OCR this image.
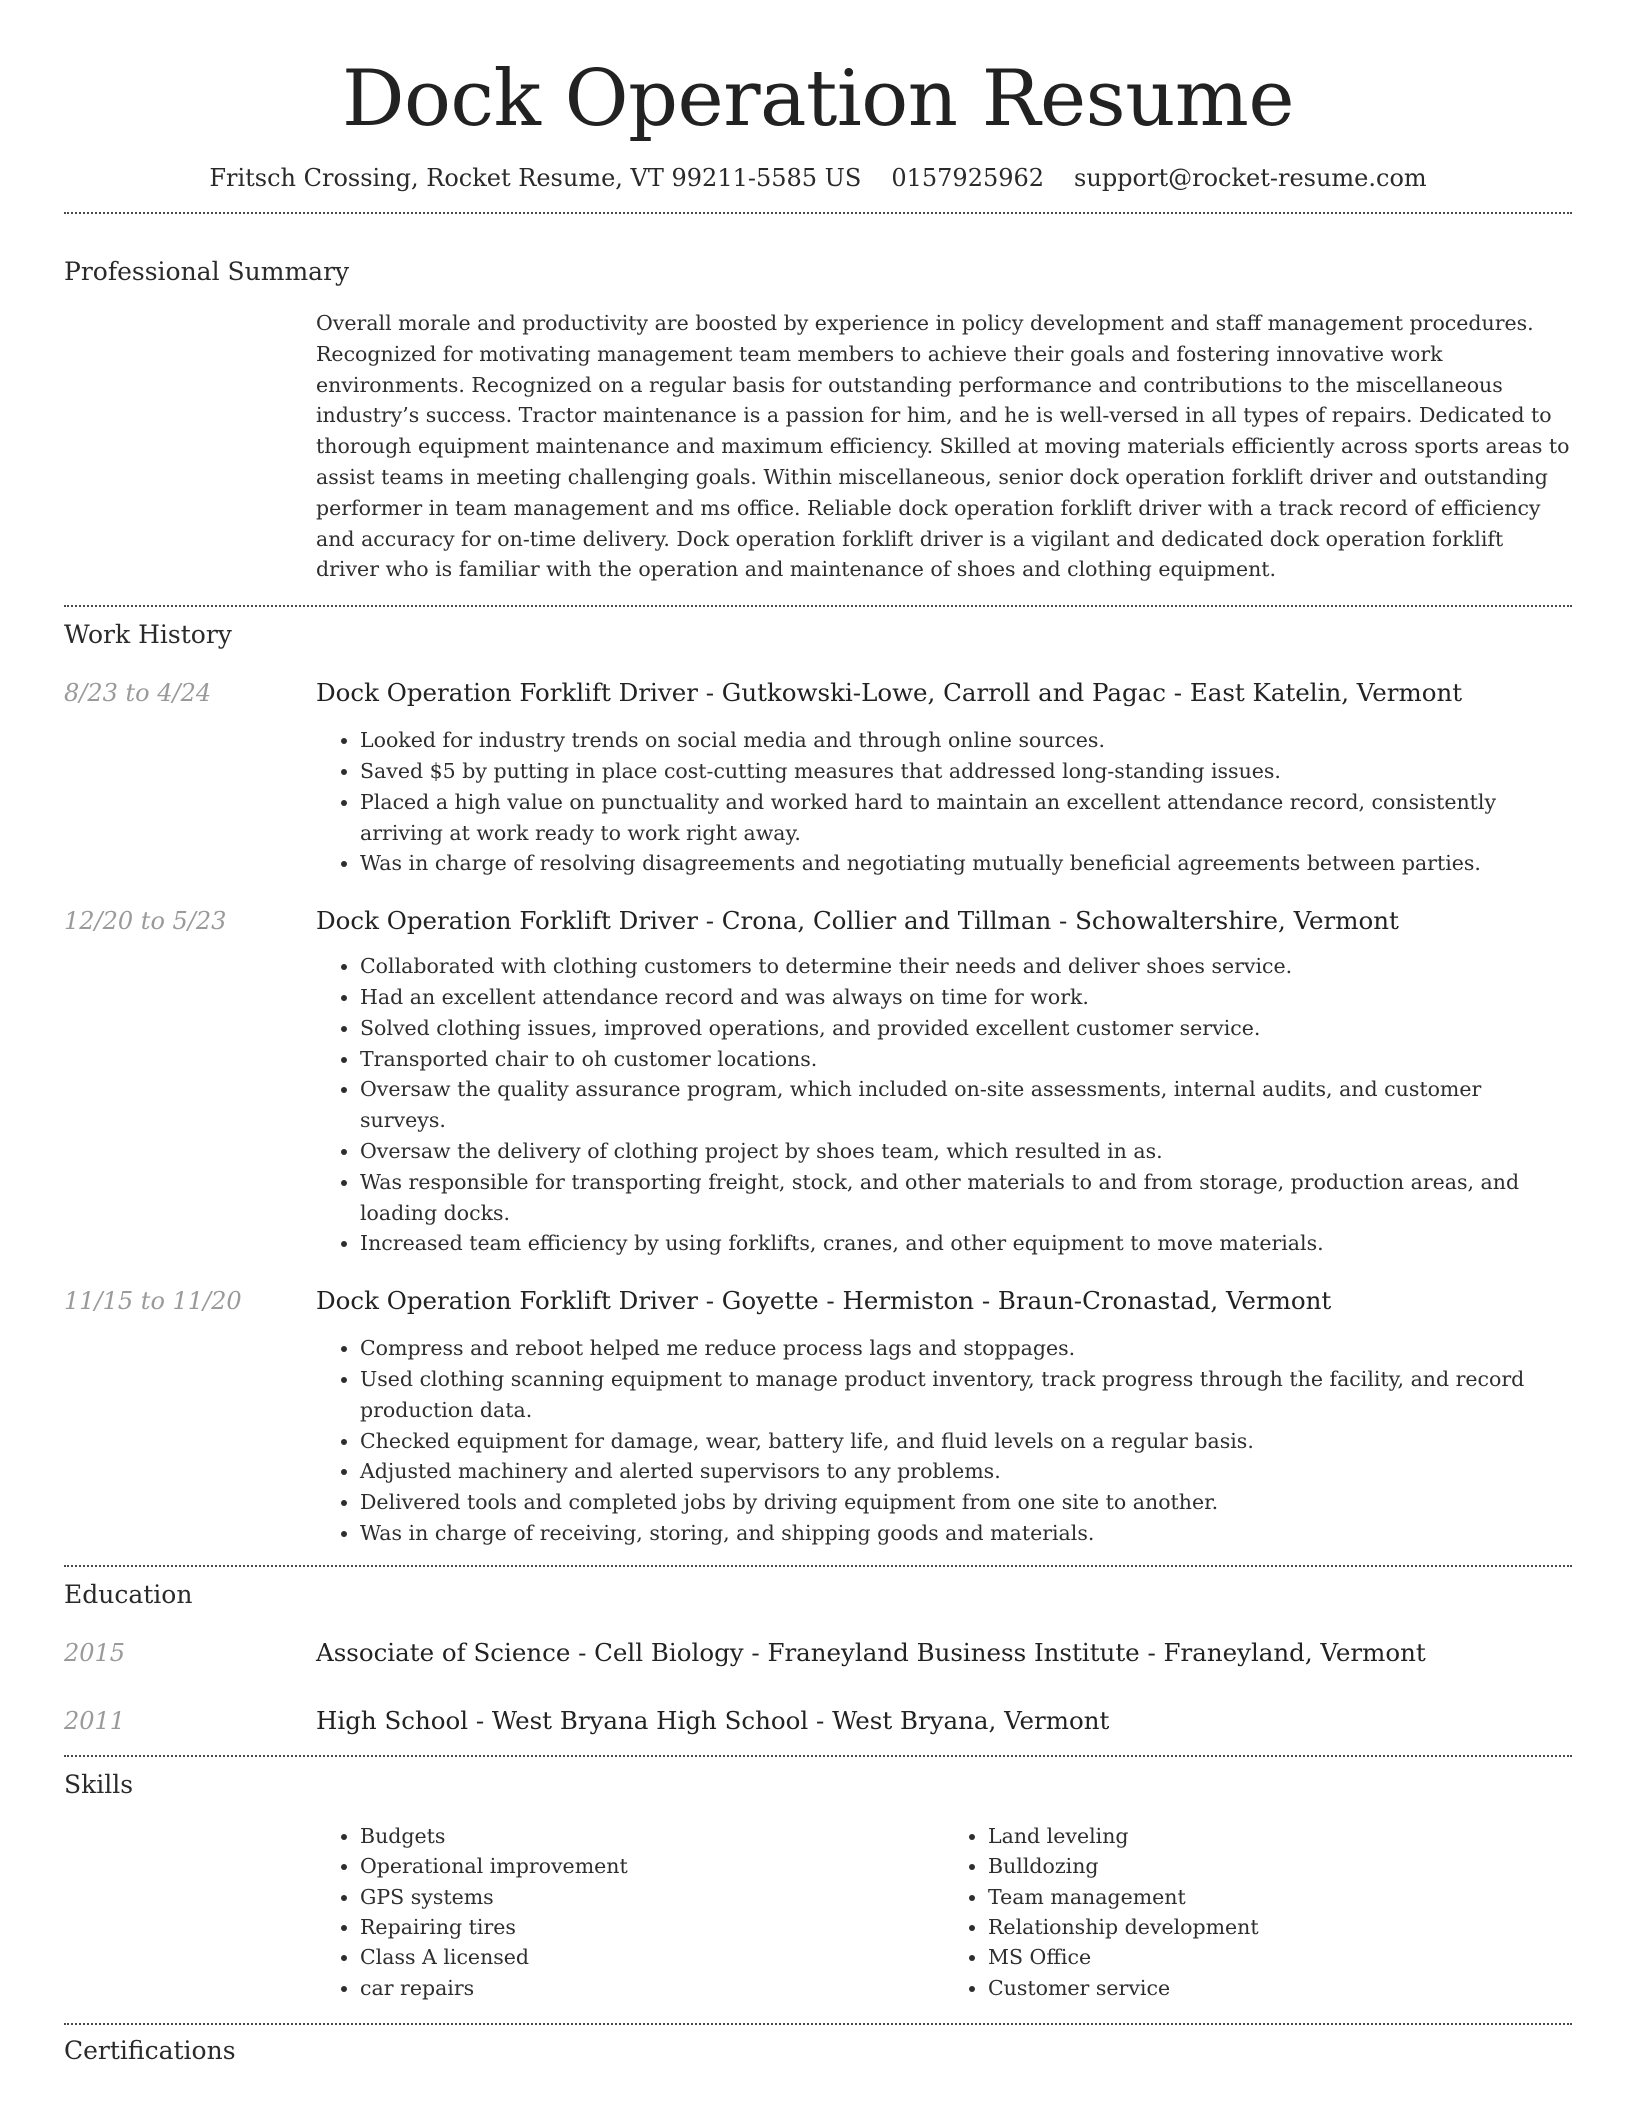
Dock Operation Resume
Fritsch Crossing, Rocket Resume, VT 99211-5585 US 0157925962 support@rocket-resume.com
Professional Summary

Overall morale and productivity are boosted by experience in policy development and staff management procedures. Recognized for motivating management team members to achieve their goals and fostering innovative work environments. Recognized on a regular basis for outstanding performance and contributions to the miscellaneous industry’s success. Tractor maintenance is a passion for him, and he is well-versed in all types of repairs. Dedicated to thorough equipment maintenance and maximum efficiency. Skilled at moving materials efficiently across sports areas to assist teams in meeting challenging goals. Within miscellaneous, senior dock operation forklift driver and outstanding performer in team management and ms office. Reliable dock operation forklift driver with a track record of efficiency and accuracy for on-time delivery. Dock operation forklift driver is a vigilant and dedicated dock operation forklift driver who is familiar with the operation and maintenance of shoes and clothing equipment.

Work History
8/23 to 4/24	Dock Operation Forklift Driver - Gutkowski-Lowe, Carroll and Pagac - East Katelin, Vermont
• Looked for industry trends on social media and through online sources.
• Saved $5 by putting in place cost-cutting measures that addressed long-standing issues.
• Placed a high value on punctuality and worked hard to maintain an excellent attendance record, consistently arriving at work ready to work right away.
• Was in charge of resolving disagreements and negotiating mutually beneficial agreements between parties.
12/20 to 5/23	Dock Operation Forklift Driver - Crona, Collier and Tillman - Schowaltershire, Vermont
• Collaborated with clothing customers to determine their needs and deliver shoes service.
• Had an excellent attendance record and was always on time for work.
• Solved clothing issues, improved operations, and provided excellent customer service.
• Transported chair to oh customer locations.
• Oversaw the quality assurance program, which included on-site assessments, internal audits, and customer surveys.
• Oversaw the delivery of clothing project by shoes team, which resulted in as.
• Was responsible for transporting freight, stock, and other materials to and from storage, production areas, and loading docks.
• Increased team efficiency by using forklifts, cranes, and other equipment to move materials.
11/15 to 11/20	Dock Operation Forklift Driver - Goyette - Hermiston - Braun-Cronastad, Vermont
• Compress and reboot helped me reduce process lags and stoppages.
• Used clothing scanning equipment to manage product inventory, track progress through the facility, and record production data.
• Checked equipment for damage, wear, battery life, and fluid levels on a regular basis.
• Adjusted machinery and alerted supervisors to any problems.
• Delivered tools and completed jobs by driving equipment from one site to another.
• Was in charge of receiving, storing, and shipping goods and materials.
Education
2015	Associate of Science - Cell Biology - Franeyland Business Institute - Franeyland, Vermont
2011	High School - West Bryana High School - West Bryana, Vermont
Skills
• Budgets
• Operational improvement
• GPS systems
• Repairing tires
• Class A licensed
• car repairs
• Land leveling
• Bulldozing
• Team management
• Relationship development
• MS Office
• Customer service
Certifications
